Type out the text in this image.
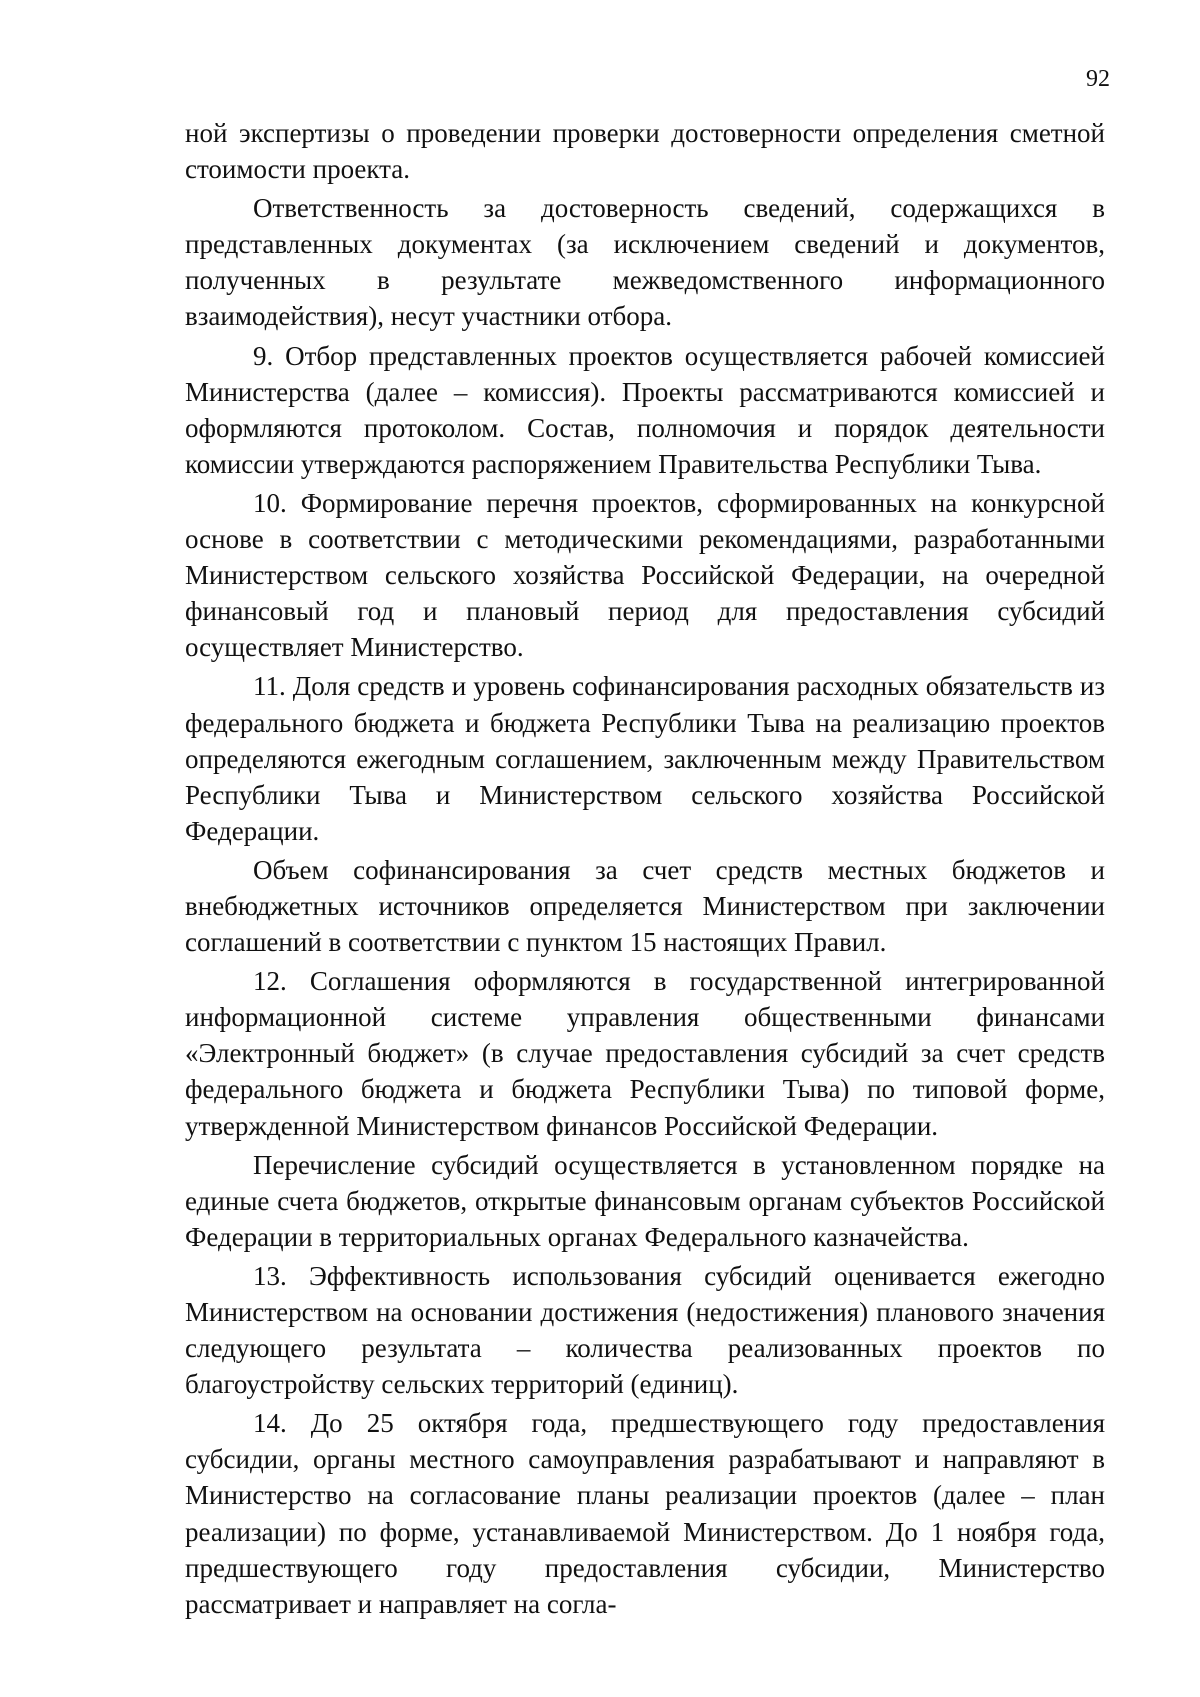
92

ной экспертизы о проведении проверки достоверности определения сметной стоимости проекта.

Ответственность за достоверность сведений, содержащихся в представленных документах (за исключением сведений и документов, полученных в результате межведомственного информационного взаимодействия), несут участники отбора.

9. Отбор представленных проектов осуществляется рабочей комиссией Министерства (далее – комиссия). Проекты рассматриваются комиссией и оформляются протоколом. Состав, полномочия и порядок деятельности комиссии утверждаются распоряжением Правительства Республики Тыва.

10. Формирование перечня проектов, сформированных на конкурсной основе в соответствии с методическими рекомендациями, разработанными Министерством сельского хозяйства Российской Федерации, на очередной финансовый год и плановый период для предоставления субсидий осуществляет Министерство.

11. Доля средств и уровень софинансирования расходных обязательств из федерального бюджета и бюджета Республики Тыва на реализацию проектов определяются ежегодным соглашением, заключенным между Правительством Республики Тыва и Министерством сельского хозяйства Российской Федерации.

Объем софинансирования за счет средств местных бюджетов и внебюджетных источников определяется Министерством при заключении соглашений в соответствии с пунктом 15 настоящих Правил.

12. Соглашения оформляются в государственной интегрированной информационной системе управления общественными финансами «Электронный бюджет» (в случае предоставления субсидий за счет средств федерального бюджета и бюджета Республики Тыва) по типовой форме, утвержденной Министерством финансов Российской Федерации.

Перечисление субсидий осуществляется в установленном порядке на единые счета бюджетов, открытые финансовым органам субъектов Российской Федерации в территориальных органах Федерального казначейства.

13. Эффективность использования субсидий оценивается ежегодно Министерством на основании достижения (недостижения) планового значения следующего результата – количества реализованных проектов по благоустройству сельских территорий (единиц).

14. До 25 октября года, предшествующего году предоставления субсидии, органы местного самоуправления разрабатывают и направляют в Министерство на согласование планы реализации проектов (далее – план реализации) по форме, устанавливаемой Министерством. До 1 ноября года, предшествующего году предоставления субсидии, Министерство рассматривает и направляет на согла-
